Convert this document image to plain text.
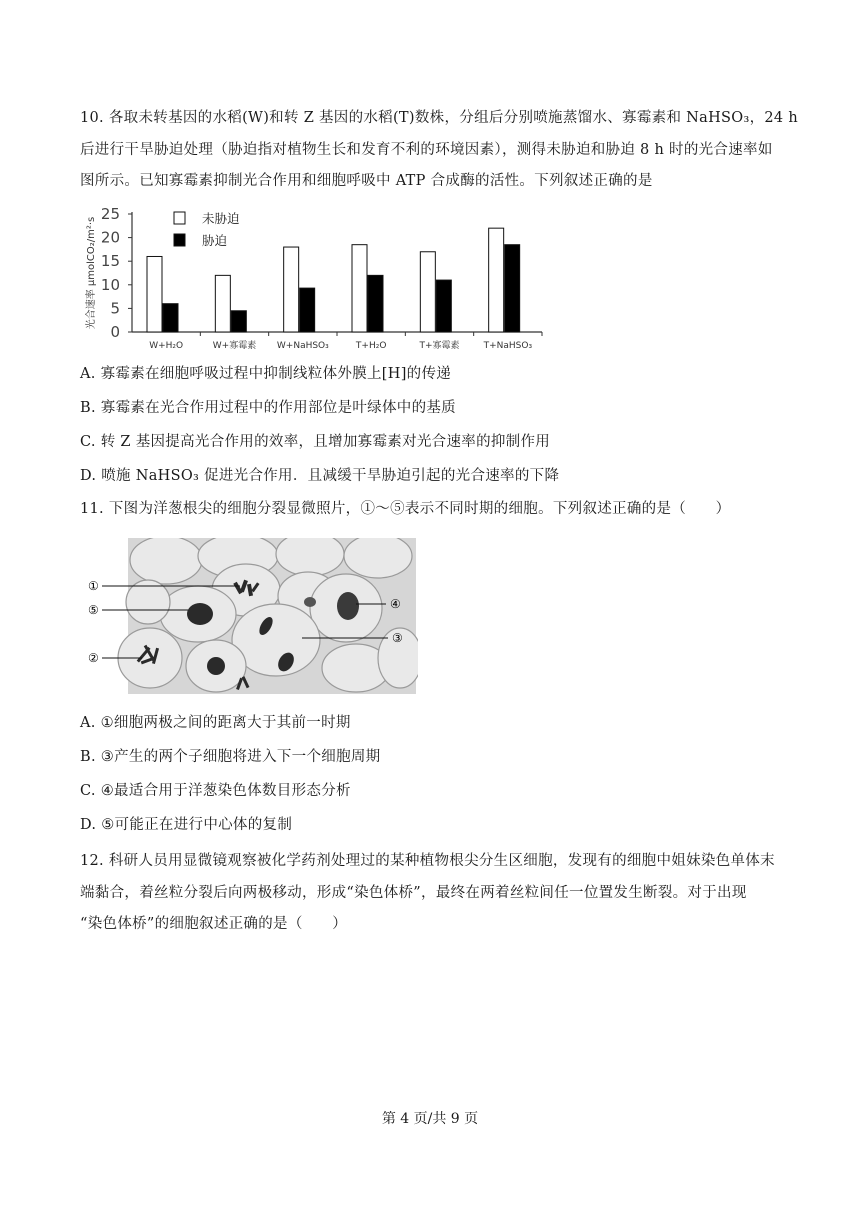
10. 各取未转基因的水稻(W)和转 Z 基因的水稻(T)数株，分组后分别喷施蒸馏水、寡霉素和 NaHSO₃，24 h
后进行干旱胁迫处理（胁迫指对植物生长和发育不利的环境因素），测得未胁迫和胁迫 8 h 时的光合速率如
图所示。已知寡霉素抑制光合作用和细胞呼吸中 ATP 合成酶的活性。下列叙述正确的是
0
5
10
15
20
25
光合速率 μmolCO₂/m²·s
W+H₂O	W+寡霉素 W+NaHSO₃	T+H₂O	T+寡霉素	T+NaHSO₃
未胁迫
胁迫
A. 寡霉素在细胞呼吸过程中抑制线粒体外膜上[H]的传递
B. 寡霉素在光合作用过程中的作用部位是叶绿体中的基质
C. 转 Z 基因提高光合作用的效率，且增加寡霉素对光合速率的抑制作用
D. 喷施 NaHSO₃ 促进光合作用．且减缓干旱胁迫引起的光合速率的下降
11. 下图为洋葱根尖的细胞分裂显微照片，①～⑤表示不同时期的细胞。下列叙述正确的是（　　）
①
⑤
②
④
③
A. ①细胞两极之间的距离大于其前一时期
B. ③产生的两个子细胞将进入下一个细胞周期
C. ④最适合用于洋葱染色体数目形态分析
D. ⑤可能正在进行中心体的复制
12. 科研人员用显微镜观察被化学药剂处理过的某种植物根尖分生区细胞，发现有的细胞中姐妹染色单体末
端黏合，着丝粒分裂后向两极移动，形成“染色体桥”，最终在两着丝粒间任一位置发生断裂。对于出现
“染色体桥”的细胞叙述正确的是（　　）
第 4 页/共 9 页
